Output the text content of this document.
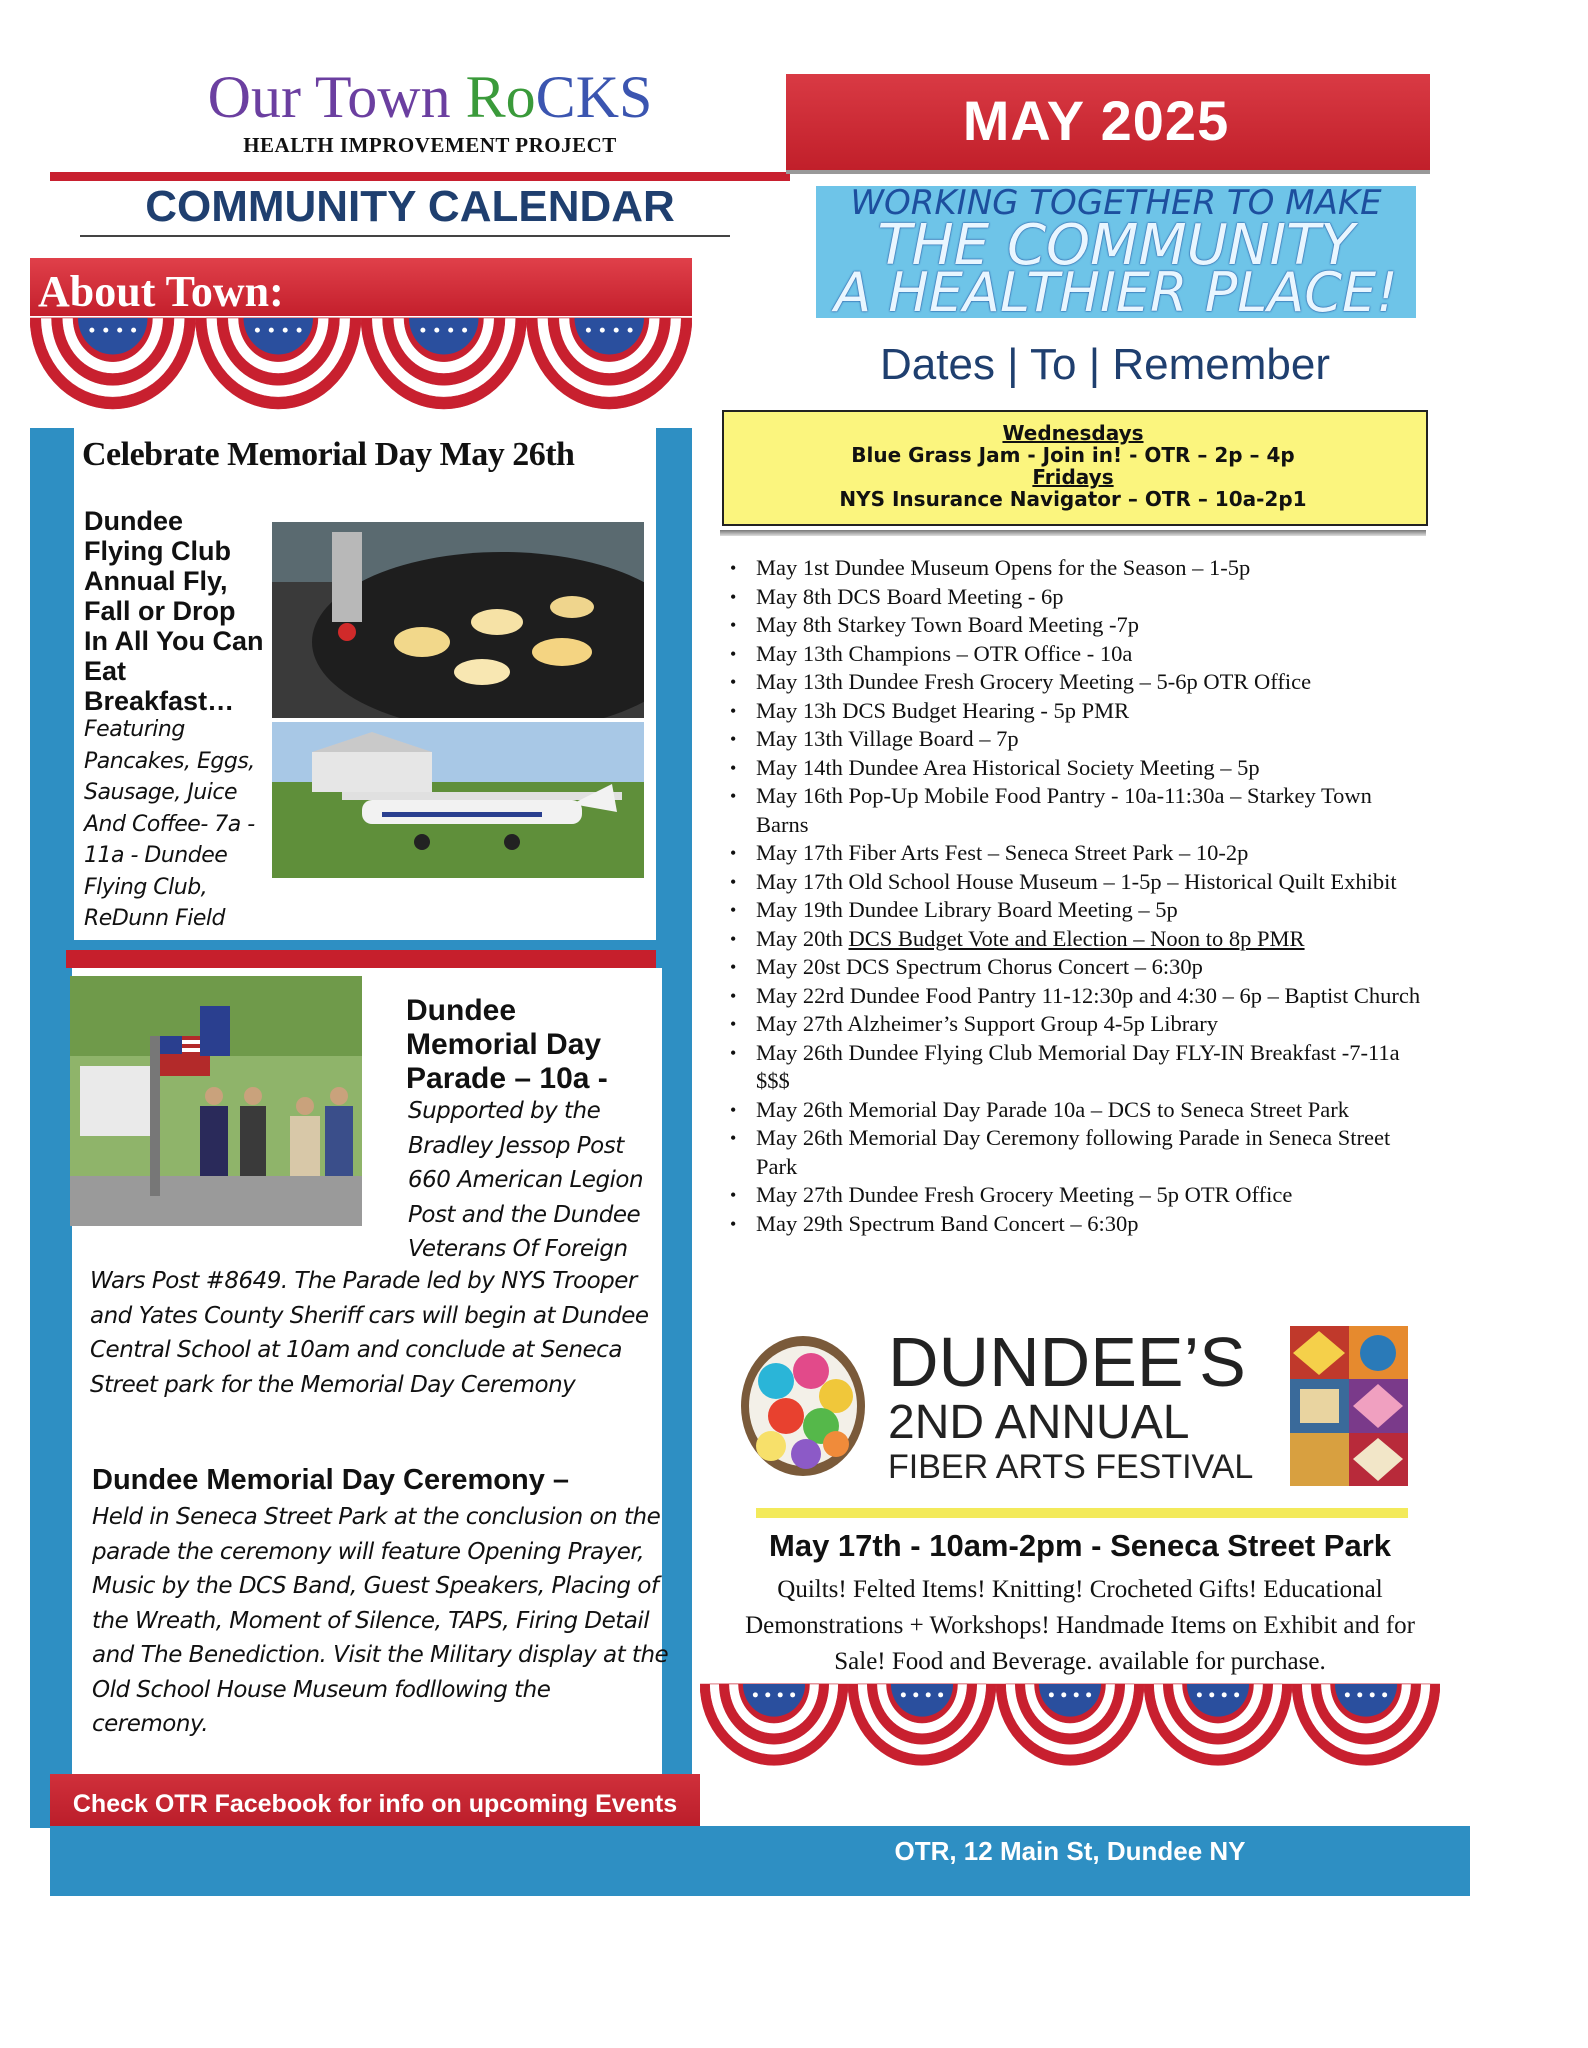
Our Town RoCKS
HEALTH IMPROVEMENT PROJECT	MAY 2025
COMMUNITY CALENDAR	WORKING TOGETHER TO MAKE
THE COMMUNITY
A HEALTHIER PLACE!
Dates | To | Remember
Wednesdays
Blue Grass Jam - Join in! - OTR – 2p – 4p
Fridays
NYS Insurance Navigator – OTR – 10a-2p1
• May 1st Dundee Museum Opens for the Season – 1-5p
• May 8th DCS Board Meeting - 6p
• May 8th Starkey Town Board Meeting -7p
• May 13th Champions – OTR Office - 10a
• May 13th Dundee Fresh Grocery Meeting – 5-6p OTR Office
• May 13h DCS Budget Hearing - 5p PMR
• May 13th Village Board – 7p
• May 14th Dundee Area Historical Society Meeting – 5p
• May 16th Pop-Up Mobile Food Pantry - 10a-11:30a – Starkey Town Barns
• May 17th Fiber Arts Fest – Seneca Street Park – 10-2p
• May 17th Old School House Museum – 1-5p – Historical Quilt Exhibit
• May 19th Dundee Library Board Meeting – 5p
• May 20th DCS Budget Vote and Election – Noon to 8p PMR
• May 20st DCS Spectrum Chorus Concert – 6:30p
• May 22rd Dundee Food Pantry 11-12:30p and 4:30 – 6p – Baptist Church
• May 27th Alzheimer’s Support Group 4-5p Library
• May 26th Dundee Flying Club Memorial Day FLY-IN Breakfast -7-11a $$$
• May 26th Memorial Day Parade 10a – DCS to Seneca Street Park
• May 26th Memorial Day Ceremony following Parade in Seneca Street Park
• May 27th Dundee Fresh Grocery Meeting – 5p OTR Office
• May 29th Spectrum Band Concert – 6:30p
About Town:
Celebrate Memorial Day May 26th
Dundee Flying Club Annual Fly, Fall or Drop In All You Can Eat Breakfast…
Featuring Pancakes, Eggs, Sausage, Juice And Coffee- 7a - 11a - Dundee Flying Club, ReDunn Field
Dundee Memorial Day Parade – 10a -
Supported by the Bradley Jessop Post 660 American Legion Post and the Dundee Veterans Of Foreign
Wars Post #8649. The Parade led by NYS Trooper and Yates County Sheriff cars will begin at Dundee Central School at 10am and conclude at Seneca Street park for the Memorial Day Ceremony
Dundee Memorial Day Ceremony –
Held in Seneca Street Park at the conclusion on the parade the ceremony will feature Opening Prayer, Music by the DCS Band, Guest Speakers, Placing of the Wreath, Moment of Silence, TAPS, Firing Detail and The Benediction. Visit the Military display at the Old School House Museum fodllowing the ceremony.
Check OTR Facebook for info on upcoming Events
DUNDEE’S
2ND ANNUAL
FIBER ARTS FESTIVAL
May 17th - 10am-2pm - Seneca Street Park
Quilts! Felted Items! Knitting! Crocheted Gifts! Educational Demonstrations + Workshops! Handmade Items on Exhibit and for Sale! Food and Beverage. available for purchase.
OTR, 12 Main St, Dundee NY
